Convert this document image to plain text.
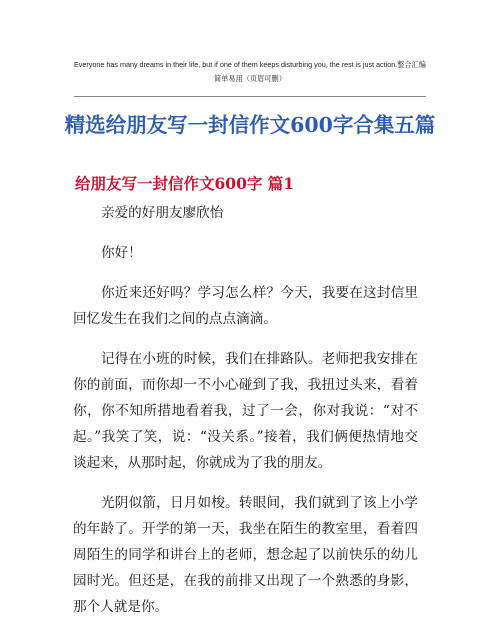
Everyone has many dreams in their life, but if one of them keeps disturbing you, the rest is just action.整合汇编
简单易用（页眉可删）
精选给朋友写一封信作文600字合集五篇
给朋友写一封信作文600字 篇1

亲爱的好朋友廖欣怡

你好！

你近来还好吗？学习怎么样？今天，我要在这封信里回忆发生在我们之间的点点滴滴。

记得在小班的时候，我们在排路队。老师把我安排在你的前面，而你却一不小心碰到了我，我扭过头来，看着你，你不知所措地看着我，过了一会，你对我说：“对不起。”我笑了笑，说：“没关系。”接着，我们俩便热情地交谈起来，从那时起，你就成为了我的朋友。

光阴似箭，日月如梭。转眼间，我们就到了该上小学的年龄了。开学的第一天，我坐在陌生的教室里，看着四周陌生的同学和讲台上的老师，想念起了以前快乐的幼儿园时光。但还是，在我的前排又出现了一个熟悉的身影，那个人就是你。
